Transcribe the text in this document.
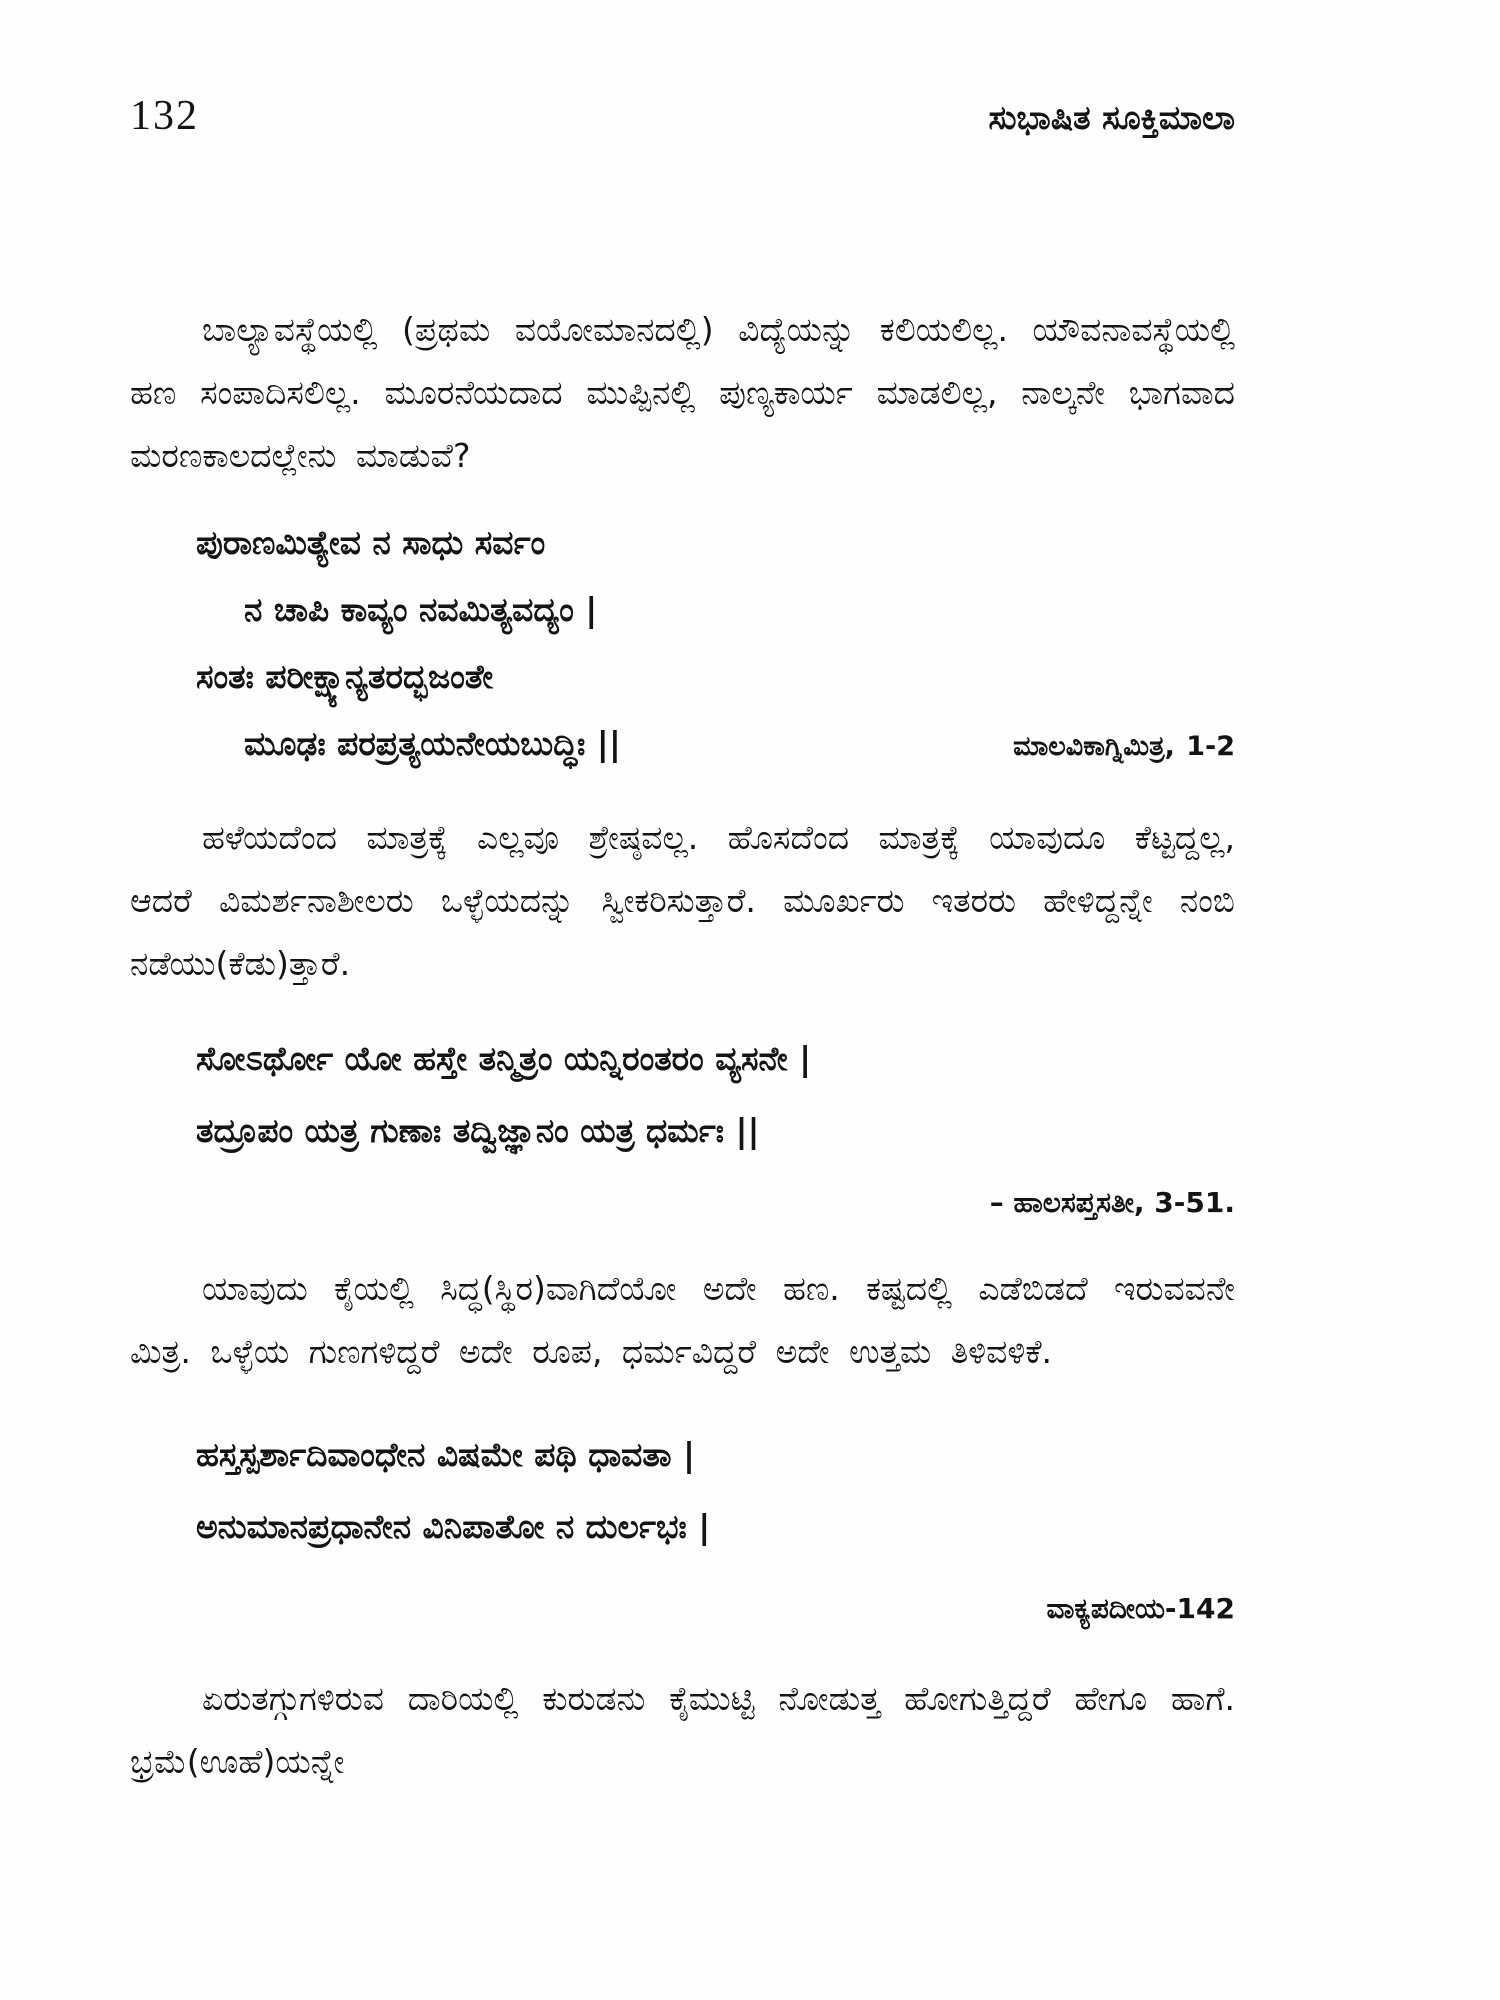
132	ಸುಭಾಷಿತ ಸೂಕ್ತಿಮಾಲಾ

ಬಾಲ್ಯಾವಸ್ಥೆಯಲ್ಲಿ (ಪ್ರಥಮ ವಯೋಮಾನದಲ್ಲಿ) ವಿದ್ಯೆಯನ್ನು ಕಲಿಯಲಿಲ್ಲ. ಯೌವನಾವಸ್ಥೆಯಲ್ಲಿ ಹಣ ಸಂಪಾದಿಸಲಿಲ್ಲ. ಮೂರನೆಯದಾದ ಮುಪ್ಪಿನಲ್ಲಿ ಪುಣ್ಯಕಾರ್ಯ ಮಾಡಲಿಲ್ಲ, ನಾಲ್ಕನೇ ಭಾಗವಾದ ಮರಣಕಾಲದಲ್ಲೇನು ಮಾಡುವೆ?

ಪುರಾಣಮಿತ್ಯೇವ ನ ಸಾಧು ಸರ್ವಂ
ನ ಚಾಪಿ ಕಾವ್ಯಂ ನವಮಿತ್ಯವದ್ಯಂ |
ಸಂತಃ ಪರೀಕ್ಷ್ಯಾನ್ಯತರದ್ಭಜಂತೇ
ಮೂಢಃ ಪರಪ್ರತ್ಯಯನೇಯಬುದ್ಧಿಃ ||	ಮಾಲವಿಕಾಗ್ನಿಮಿತ್ರ, 1-2

ಹಳೆಯದೆಂದ ಮಾತ್ರಕ್ಕೆ ಎಲ್ಲವೂ ಶ್ರೇಷ್ಠವಲ್ಲ. ಹೊಸದೆಂದ ಮಾತ್ರಕ್ಕೆ ಯಾವುದೂ ಕೆಟ್ಟದ್ದಲ್ಲ, ಆದರೆ ವಿಮರ್ಶನಾಶೀಲರು ಒಳ್ಳೆಯದನ್ನು ಸ್ವೀಕರಿಸುತ್ತಾರೆ. ಮೂರ್ಖರು ಇತರರು ಹೇಳಿದ್ದನ್ನೇ ನಂಬಿ ನಡೆಯು(ಕೆಡು)ತ್ತಾರೆ.

ಸೋಽರ್ಥೋ ಯೋ ಹಸ್ತೇ ತನ್ಮಿತ್ರಂ ಯನ್ನಿರಂತರಂ ವ್ಯಸನೇ |
ತದ್ರೂಪಂ ಯತ್ರ ಗುಣಾಃ ತದ್ವಿಜ್ಞಾನಂ ಯತ್ರ ಧರ್ಮಃ ||
– ಹಾಲಸಪ್ತಸತೀ, 3-51.

ಯಾವುದು ಕೈಯಲ್ಲಿ ಸಿದ್ಧ(ಸ್ಥಿರ)ವಾಗಿದೆಯೋ ಅದೇ ಹಣ. ಕಷ್ಟದಲ್ಲಿ ಎಡೆಬಿಡದೆ ಇರುವವನೇ ಮಿತ್ರ. ಒಳ್ಳೆಯ ಗುಣಗಳಿದ್ದರೆ ಅದೇ ರೂಪ, ಧರ್ಮವಿದ್ದರೆ ಅದೇ ಉತ್ತಮ ತಿಳಿವಳಿಕೆ.

ಹಸ್ತಸ್ಪರ್ಶಾದಿವಾಂಧೇನ ವಿಷಮೇ ಪಥಿ ಧಾವತಾ |
ಅನುಮಾನಪ್ರಧಾನೇನ ವಿನಿಪಾತೋ ನ ದುರ್ಲಭಃ |
ವಾಕ್ಯಪದೀಯ-142

ಏರುತಗ್ಗುಗಳಿರುವ ದಾರಿಯಲ್ಲಿ ಕುರುಡನು ಕೈಮುಟ್ಟಿ ನೋಡುತ್ತ ಹೋಗುತ್ತಿದ್ದರೆ ಹೇಗೂ ಹಾಗೆ. ಭ್ರಮೆ(ಊಹೆ)ಯನ್ನೇ
